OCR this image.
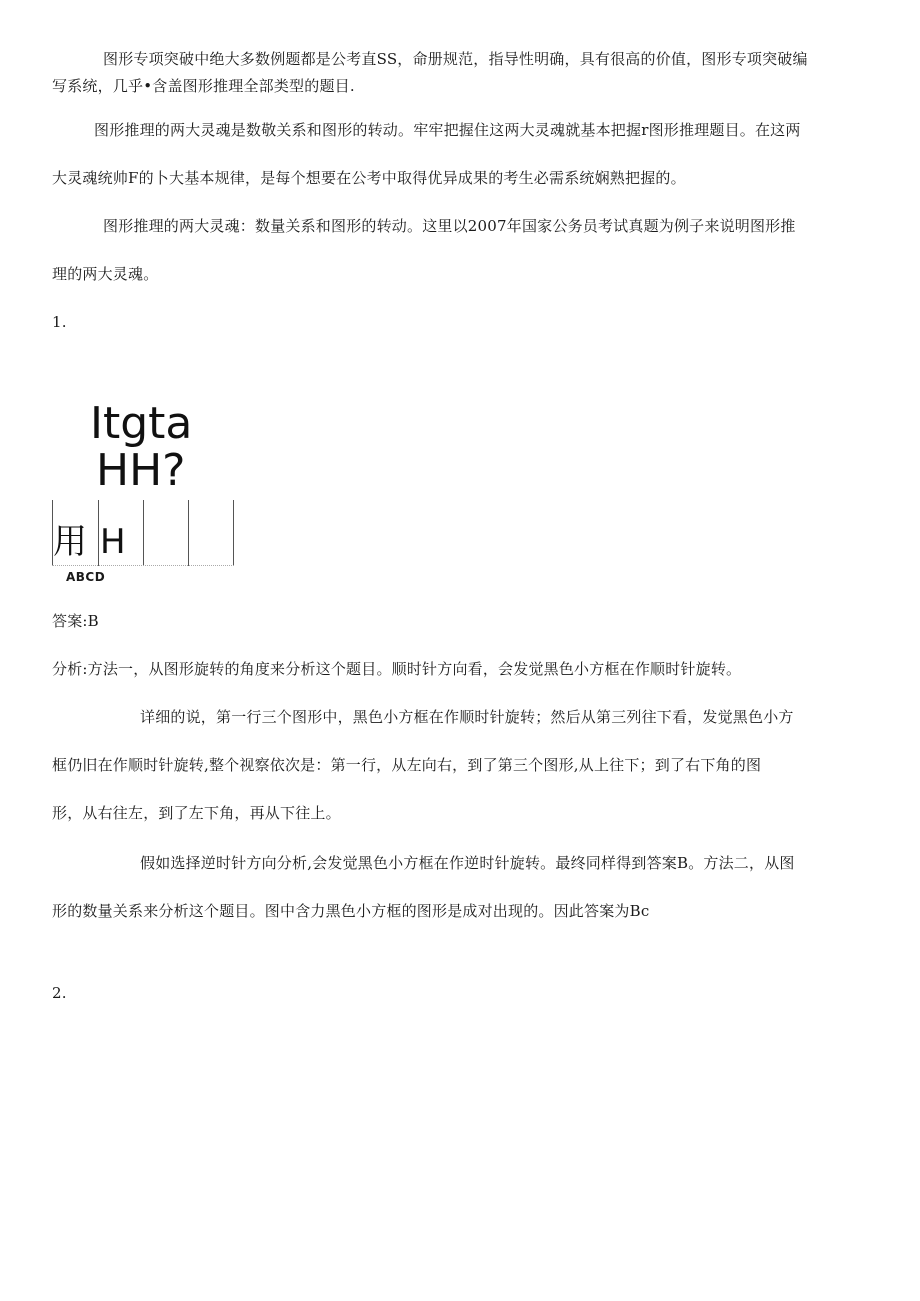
图形专项突破中绝大多数例题都是公考直SS，命册规范，指导性明确，具有很高的价值，图形专项突破编
写系统，几乎•含盖图形推理全部类型的题目.
图形推理的两大灵魂是数敬关系和图形的转动。牢牢把握住这两大灵魂就基本把握r图形推理题目。在这两
大灵魂统帅F的卜大基本规律，是每个想要在公考中取得优异成果的考生必需系统娴熟把握的。
图形推理的两大灵魂：数量关系和图形的转动。这里以2007年国家公务员考试真题为例子来说明图形推
理的两大灵魂。
1.
Itgta
HH?
用 H
ABCD
答案:B
分析:方法一，从图形旋转的角度来分析这个题目。顺时针方向看，会发觉黑色小方框在作顺时针旋转。
详细的说，第一行三个图形中，黑色小方框在作顺时针旋转；然后从第三列往下看，发觉黑色小方
框仍旧在作顺时针旋转,整个视察依次是：第一行，从左向右，到了第三个图形,从上往下；到了右下角的图
形，从右往左，到了左下角，再从下往上。
假如选择逆时针方向分析,会发觉黑色小方框在作逆时针旋转。最终同样得到答案B。方法二，从图
形的数量关系来分析这个题目。图中含力黑色小方框的图形是成对出现的。因此答案为Bc
2.
